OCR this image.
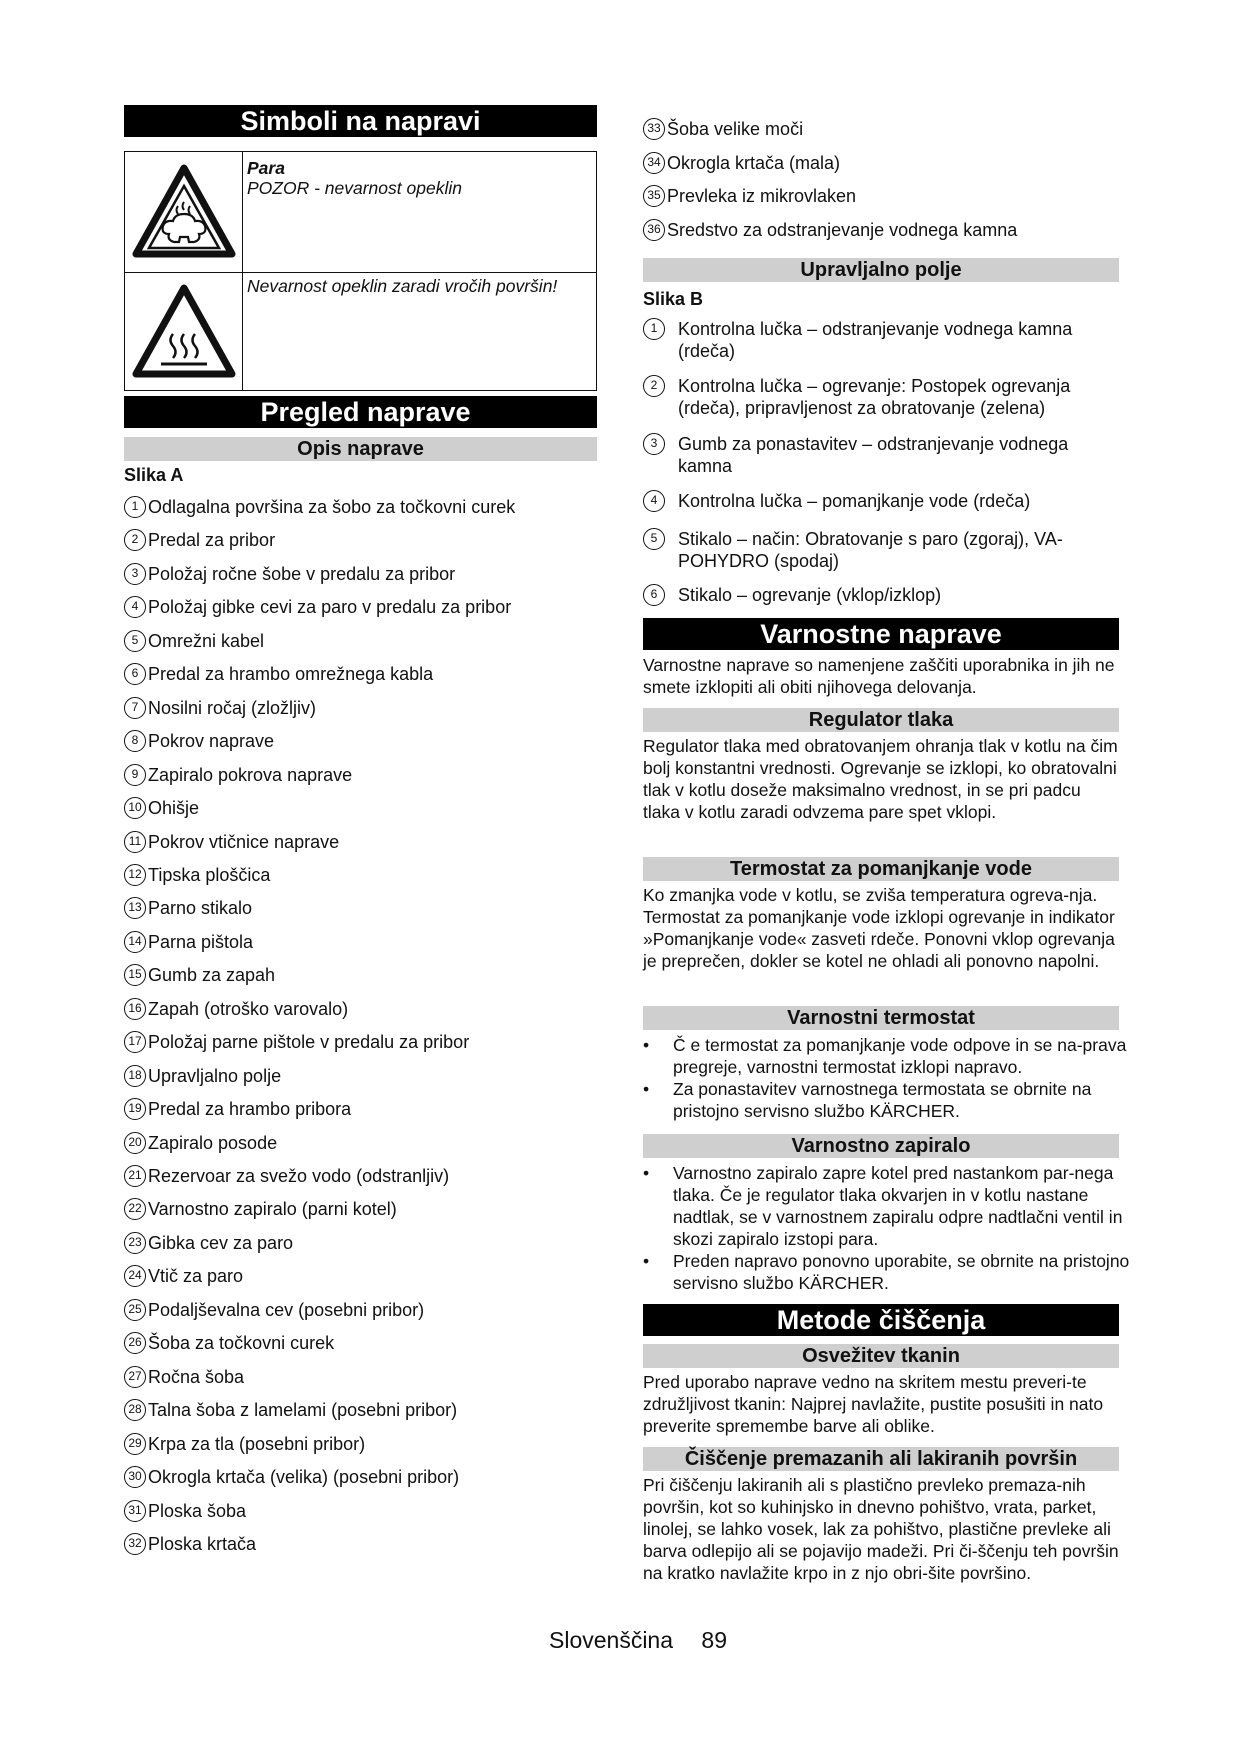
Simboli na napravi
Para
POZOR - nevarnost opeklin
Nevarnost opeklin zaradi vročih površin!
Pregled naprave
Opis naprave
Slika A
1 Odlagalna površina za šobo za točkovni curek
2 Predal za pribor
3 Položaj ročne šobe v predalu za pribor
4 Položaj gibke cevi za paro v predalu za pribor
5 Omrežni kabel
6 Predal za hrambo omrežnega kabla
7 Nosilni ročaj (zložljiv)
8 Pokrov naprave
9 Zapiralo pokrova naprave
10 Ohišje
11 Pokrov vtičnice naprave
12 Tipska ploščica
13 Parno stikalo
14 Parna pištola
15 Gumb za zapah
16 Zapah (otroško varovalo)
17 Položaj parne pištole v predalu za pribor
18 Upravljalno polje
19 Predal za hrambo pribora
20 Zapiralo posode
21 Rezervoar za svežo vodo (odstranljiv)
22 Varnostno zapiralo (parni kotel)
23 Gibka cev za paro
24 Vtič za paro
25 Podaljševalna cev (posebni pribor)
26 Šoba za točkovni curek
27 Ročna šoba
28 Talna šoba z lamelami (posebni pribor)
29 Krpa za tla (posebni pribor)
30 Okrogla krtača (velika) (posebni pribor)
31 Ploska šoba
32 Ploska krtača
33 Šoba velike moči
34 Okrogla krtača (mala)
35 Prevleka iz mikrovlaken
36 Sredstvo za odstranjevanje vodnega kamna
Upravljalno polje
Slika B
1	Kontrolna lučka – odstranjevanje vodnega kamna (rdeča)
2	Kontrolna lučka – ogrevanje: Postopek ogrevanja (rdeča), pripravljenost za obratovanje (zelena)
3	Gumb za ponastavitev – odstranjevanje vodnega kamna
4	Kontrolna lučka – pomanjkanje vode (rdeča)
5	Stikalo – način: Obratovanje s paro (zgoraj), VA-POHYDRO (spodaj)
6	Stikalo – ogrevanje (vklop/izklop)
Varnostne naprave
Varnostne naprave so namenjene zaščiti uporabnika in jih ne smete izklopiti ali obiti njihovega delovanja.
Regulator tlaka
Regulator tlaka med obratovanjem ohranja tlak v kotlu na čim bolj konstantni vrednosti. Ogrevanje se izklopi, ko obratovalni tlak v kotlu doseže maksimalno vrednost, in se pri padcu tlaka v kotlu zaradi odvzema pare spet vklopi.
Termostat za pomanjkanje vode
Ko zmanjka vode v kotlu, se zviša temperatura ogreva-nja. Termostat za pomanjkanje vode izklopi ogrevanje in indikator »Pomanjkanje vode« zasveti rdeče. Ponovni vklop ogrevanja je preprečen, dokler se kotel ne ohladi ali ponovno napolni.
Varnostni termostat
• Č e termostat za pomanjkanje vode odpove in se na-prava pregreje, varnostni termostat izklopi napravo.
• Za ponastavitev varnostnega termostata se obrnite na pristojno servisno službo KÄRCHER.
Varnostno zapiralo
• Varnostno zapiralo zapre kotel pred nastankom par-nega tlaka. Če je regulator tlaka okvarjen in v kotlu nastane nadtlak, se v varnostnem zapiralu odpre nadtlačni ventil in skozi zapiralo izstopi para.
• Preden napravo ponovno uporabite, se obrnite na pristojno servisno službo KÄRCHER.
Metode čiščenja
Osvežitev tkanin
Pred uporabo naprave vedno na skritem mestu preveri-te združljivost tkanin: Najprej navlažite, pustite posušiti in nato preverite spremembe barve ali oblike.
Čiščenje premazanih ali lakiranih površin
Pri čiščenju lakiranih ali s plastično prevleko premaza-nih površin, kot so kuhinjsko in dnevno pohištvo, vrata, parket, linolej, se lahko vosek, lak za pohištvo, plastične prevleke ali barva odlepijo ali se pojavijo madeži. Pri či-ščenju teh površin na kratko navlažite krpo in z njo obri-šite površino.
Slovenščina 89
